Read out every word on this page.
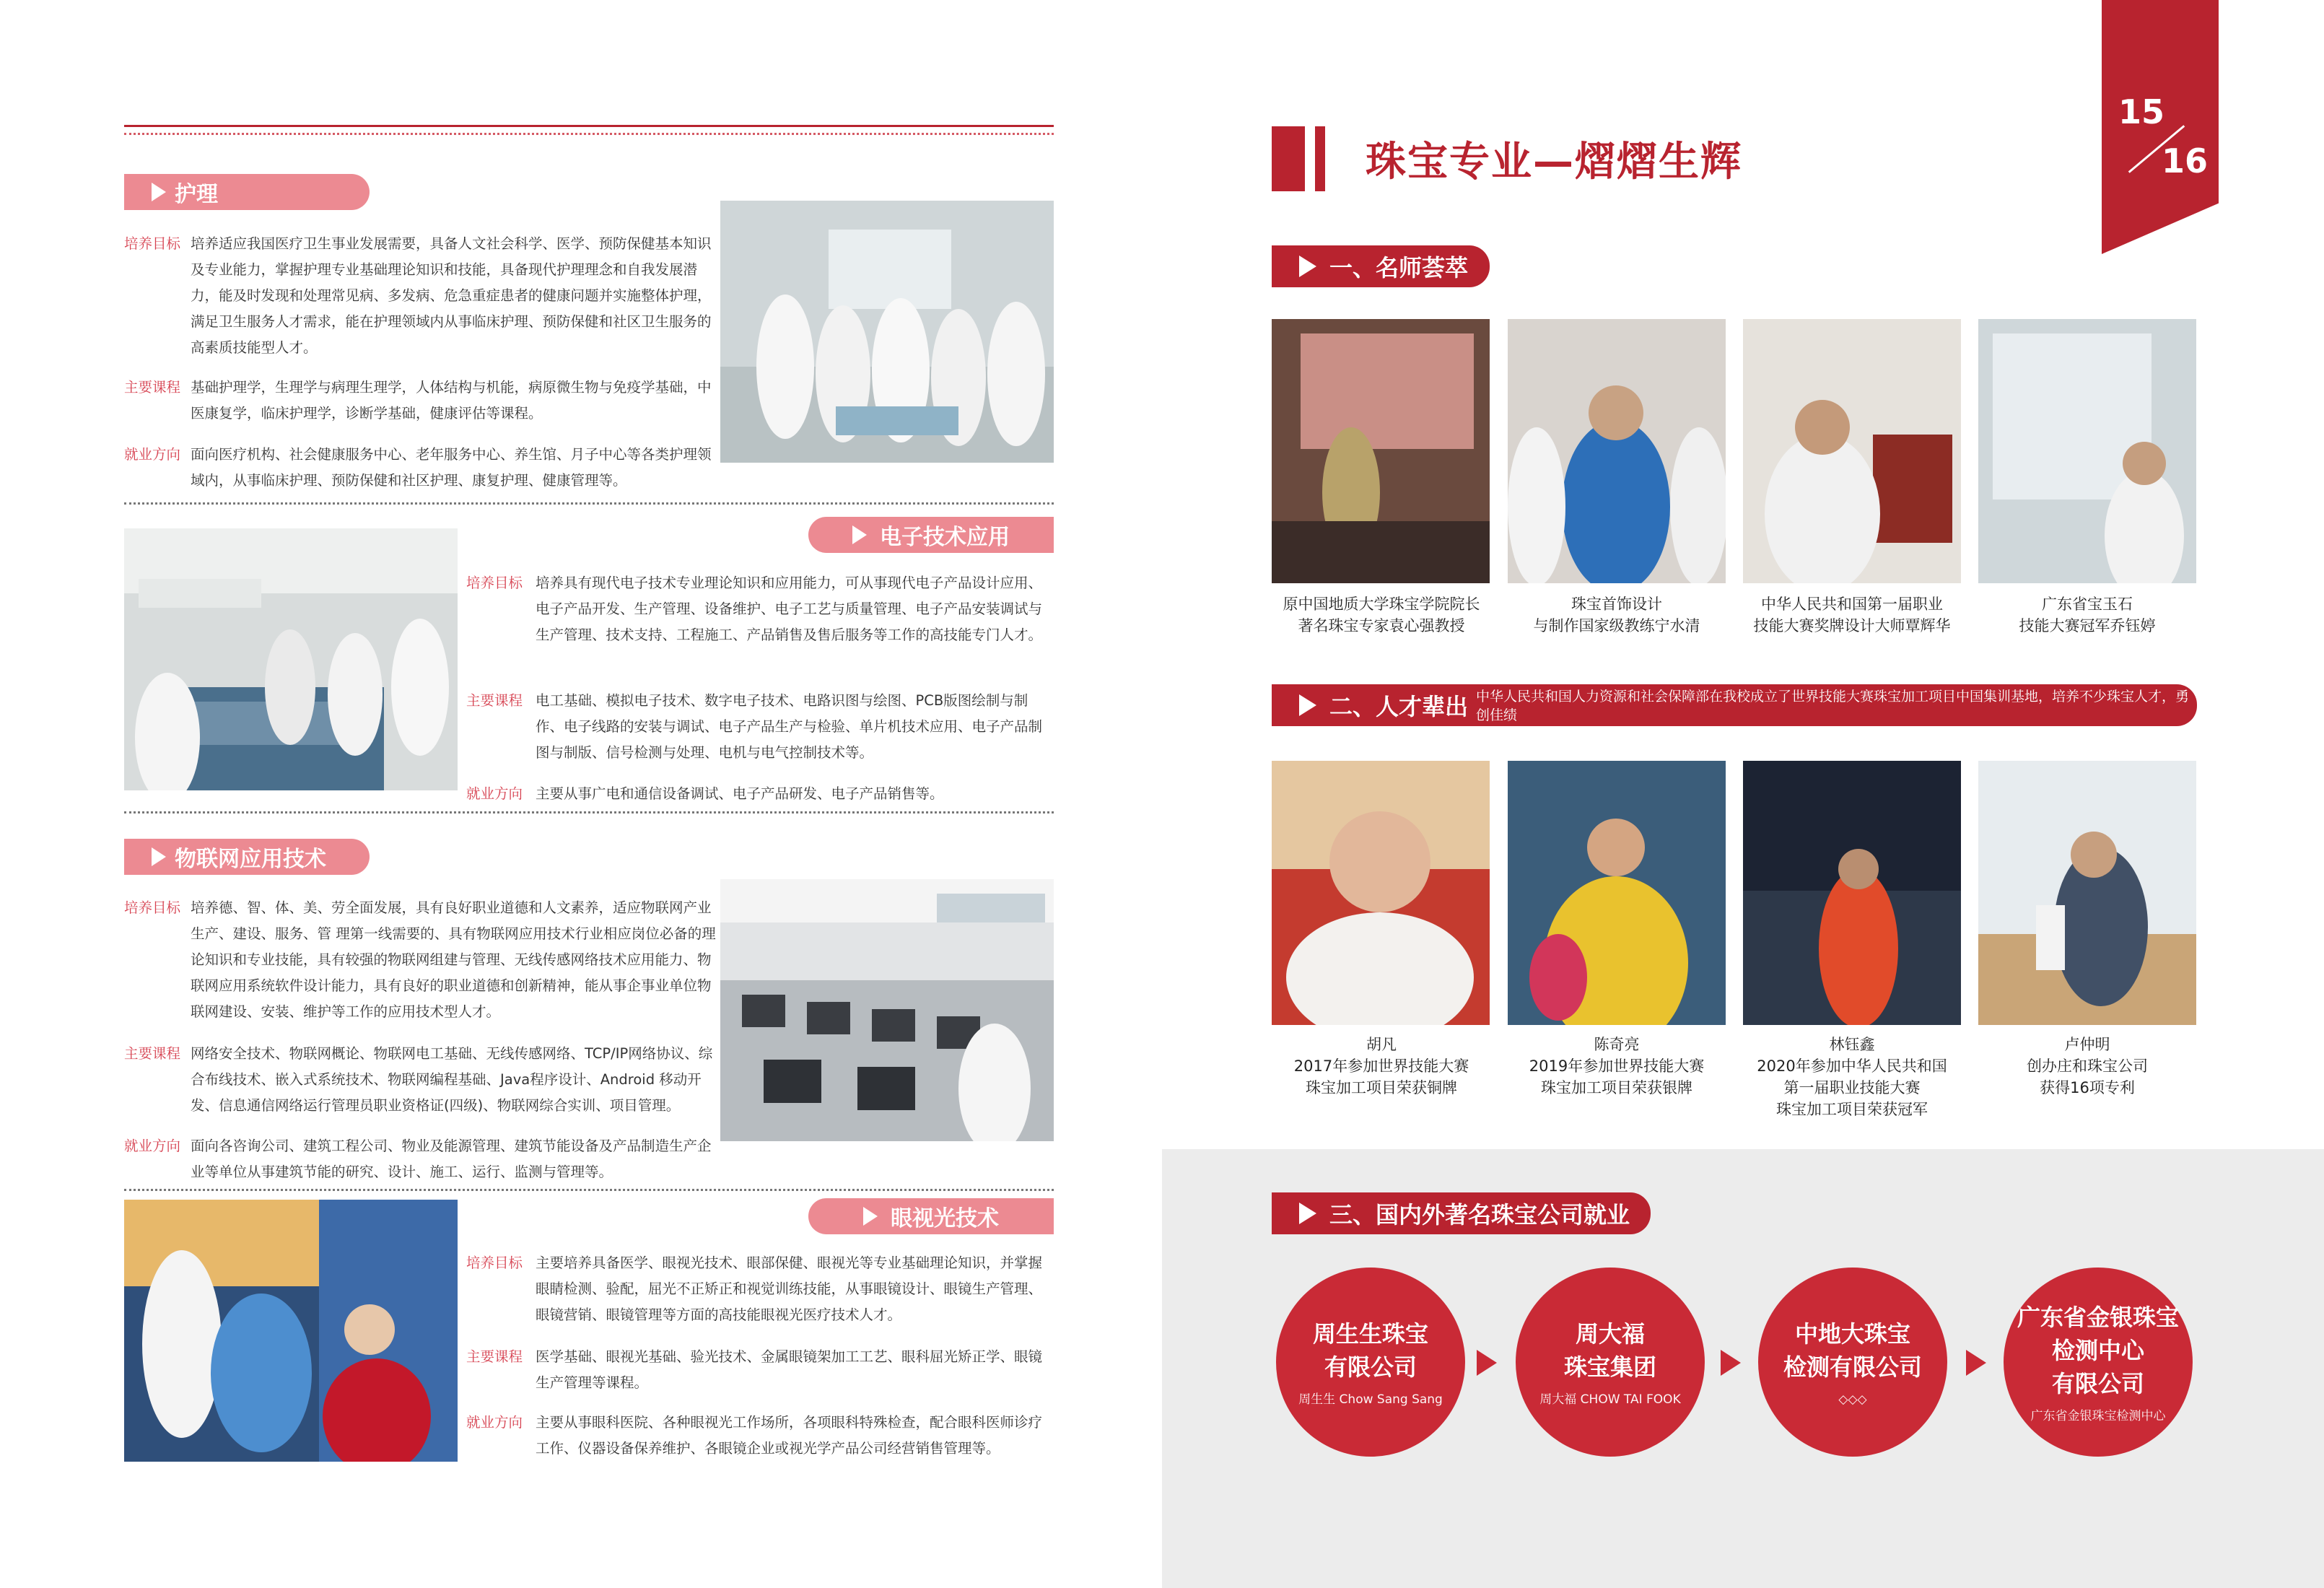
护理
培养目标 培养适应我国医疗卫生事业发展需要，具备人文社会科学、医学、预防保健基本知识及专业能力，掌握护理专业基础理论知识和技能，具备现代护理理念和自我发展潜力，能及时发现和处理常见病、多发病、危急重症患者的健康问题并实施整体护理，满足卫生服务人才需求，能在护理领域内从事临床护理、预防保健和社区卫生服务的高素质技能型人才。
主要课程 基础护理学，生理学与病理生理学，人体结构与机能，病原微生物与免疫学基础，中医康复学，临床护理学，诊断学基础，健康评估等课程。
就业方向 面向医疗机构、社会健康服务中心、老年服务中心、养生馆、月子中心等各类护理领域内，从事临床护理、预防保健和社区护理、康复护理、健康管理等。
电子技术应用
培养目标 培养具有现代电子技术专业理论知识和应用能力，可从事现代电子产品设计应用、电子产品开发、生产管理、设备维护、电子工艺与质量管理、电子产品安装调试与生产管理、技术支持、工程施工、产品销售及售后服务等工作的高技能专门人才。
主要课程 电工基础、模拟电子技术、数字电子技术、电路识图与绘图、PCB版图绘制与制作、电子线路的安装与调试、电子产品生产与检验、单片机技术应用、电子产品制图与制版、信号检测与处理、电机与电气控制技术等。
就业方向 主要从事广电和通信设备调试、电子产品研发、电子产品销售等。
物联网应用技术
培养目标 培养德、智、体、美、劳全面发展，具有良好职业道德和人文素养，适应物联网产业生产、建设、服务、管 理第一线需要的、具有物联网应用技术行业相应岗位必备的理论知识和专业技能，具有较强的物联网组建与管理、无线传感网络技术应用能力、物联网应用系统软件设计能力，具有良好的职业道德和创新精神，能从事企事业单位物联网建设、安装、维护等工作的应用技术型人才。
主要课程 网络安全技术、物联网概论、物联网电工基础、无线传感网络、TCP/IP网络协议、综合布线技术、嵌入式系统技术、物联网编程基础、Java程序设计、Android 移动开发、信息通信网络运行管理员职业资格证(四级)、物联网综合实训、项目管理。
就业方向 面向各咨询公司、建筑工程公司、物业及能源管理、建筑节能设备及产品制造生产企业等单位从事建筑节能的研究、设计、施工、运行、监测与管理等。
眼视光技术
培养目标 主要培养具备医学、眼视光技术、眼部保健、眼视光等专业基础理论知识，并掌握眼睛检测、验配，屈光不正矫正和视觉训练技能，从事眼镜设计、眼镜生产管理、眼镜营销、眼镜管理等方面的高技能眼视光医疗技术人才。
主要课程 医学基础、眼视光基础、验光技术、金属眼镜架加工工艺、眼科屈光矫正学、眼镜生产管理等课程。
就业方向 主要从事眼科医院、各种眼视光工作场所，各项眼科特殊检查，配合眼科医师诊疗工作、仪器设备保养维护、各眼镜企业或视光学产品公司经营销售管理等。
15
16
珠宝专业—熠熠生辉
一、名师荟萃
原中国地质大学珠宝学院院长
著名珠宝专家袁心强教授
珠宝首饰设计
与制作国家级教练宁水清
中华人民共和国第一届职业
技能大赛奖牌设计大师覃辉华
广东省宝玉石
技能大赛冠军乔钰婷
二、人才辈出 中华人民共和国人力资源和社会保障部在我校成立了世界技能大赛珠宝加工项目中国集训基地，培养不少珠宝人才，勇创佳绩
胡凡
2017年参加世界技能大赛
珠宝加工项目荣获铜牌
陈奇亮
2019年参加世界技能大赛
珠宝加工项目荣获银牌
林钰鑫
2020年参加中华人民共和国
第一届职业技能大赛
珠宝加工项目荣获冠军
卢仲明
创办庄和珠宝公司
获得16项专利
三、国内外著名珠宝公司就业
周生生珠宝
有限公司
周生生 Chow Sang Sang
周大福
珠宝集团
周大福 CHOW TAI FOOK
中地大珠宝
检测有限公司
◇◇◇
广东省金银珠宝
检测中心
有限公司
广东省金银珠宝检测中心
